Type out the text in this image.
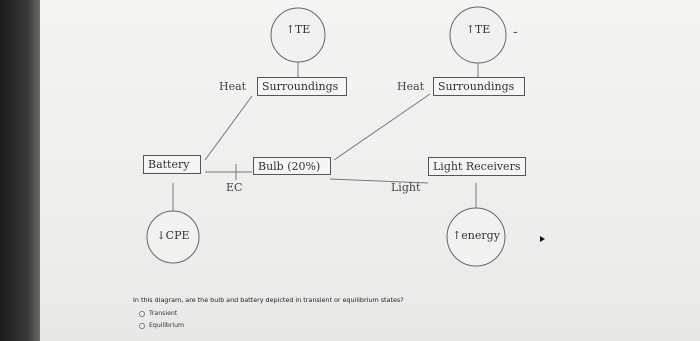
↑TE	↑TE
↓CPE	↑energy
-
Surroundings	Surroundings
Battery	Bulb (20%)	Light Receivers
Heat	Heat
EC	Light
In this diagram, are the bulb and battery depicted in transient or equilibrium states?
Transient
Equilibrium
